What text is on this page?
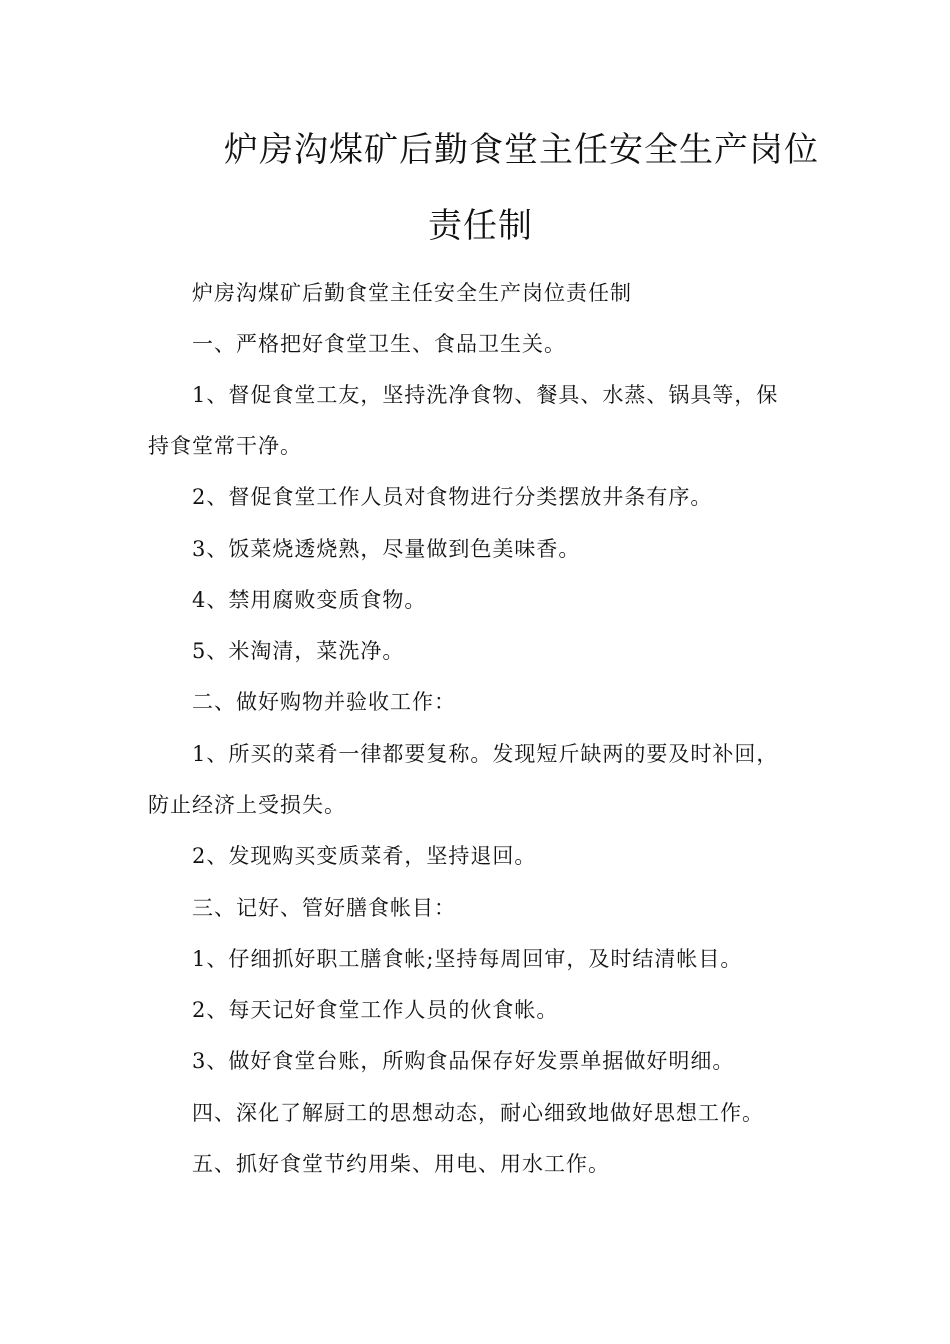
炉房沟煤矿后勤食堂主任安全生产岗位
责任制

炉房沟煤矿后勤食堂主任安全生产岗位责任制

一、严格把好食堂卫生、食品卫生关。

1、督促食堂工友，坚持洗净食物、餐具、水蒸、锅具等，保

持食堂常干净。

2、督促食堂工作人员对食物进行分类摆放井条有序。

3、饭菜烧透烧熟，尽量做到色美味香。

4、禁用腐败变质食物。

5、米淘清，菜洗净。

二、做好购物并验收工作：

1、所买的菜肴一律都要复称。发现短斤缺两的要及时补回，

防止经济上受损失。

2、发现购买变质菜肴，坚持退回。

三、记好、管好膳食帐目：

1、仔细抓好职工膳食帐;坚持每周回审，及时结清帐目。

2、每天记好食堂工作人员的伙食帐。

3、做好食堂台账，所购食品保存好发票单据做好明细。

四、深化了解厨工的思想动态，耐心细致地做好思想工作。

五、抓好食堂节约用柴、用电、用水工作。
